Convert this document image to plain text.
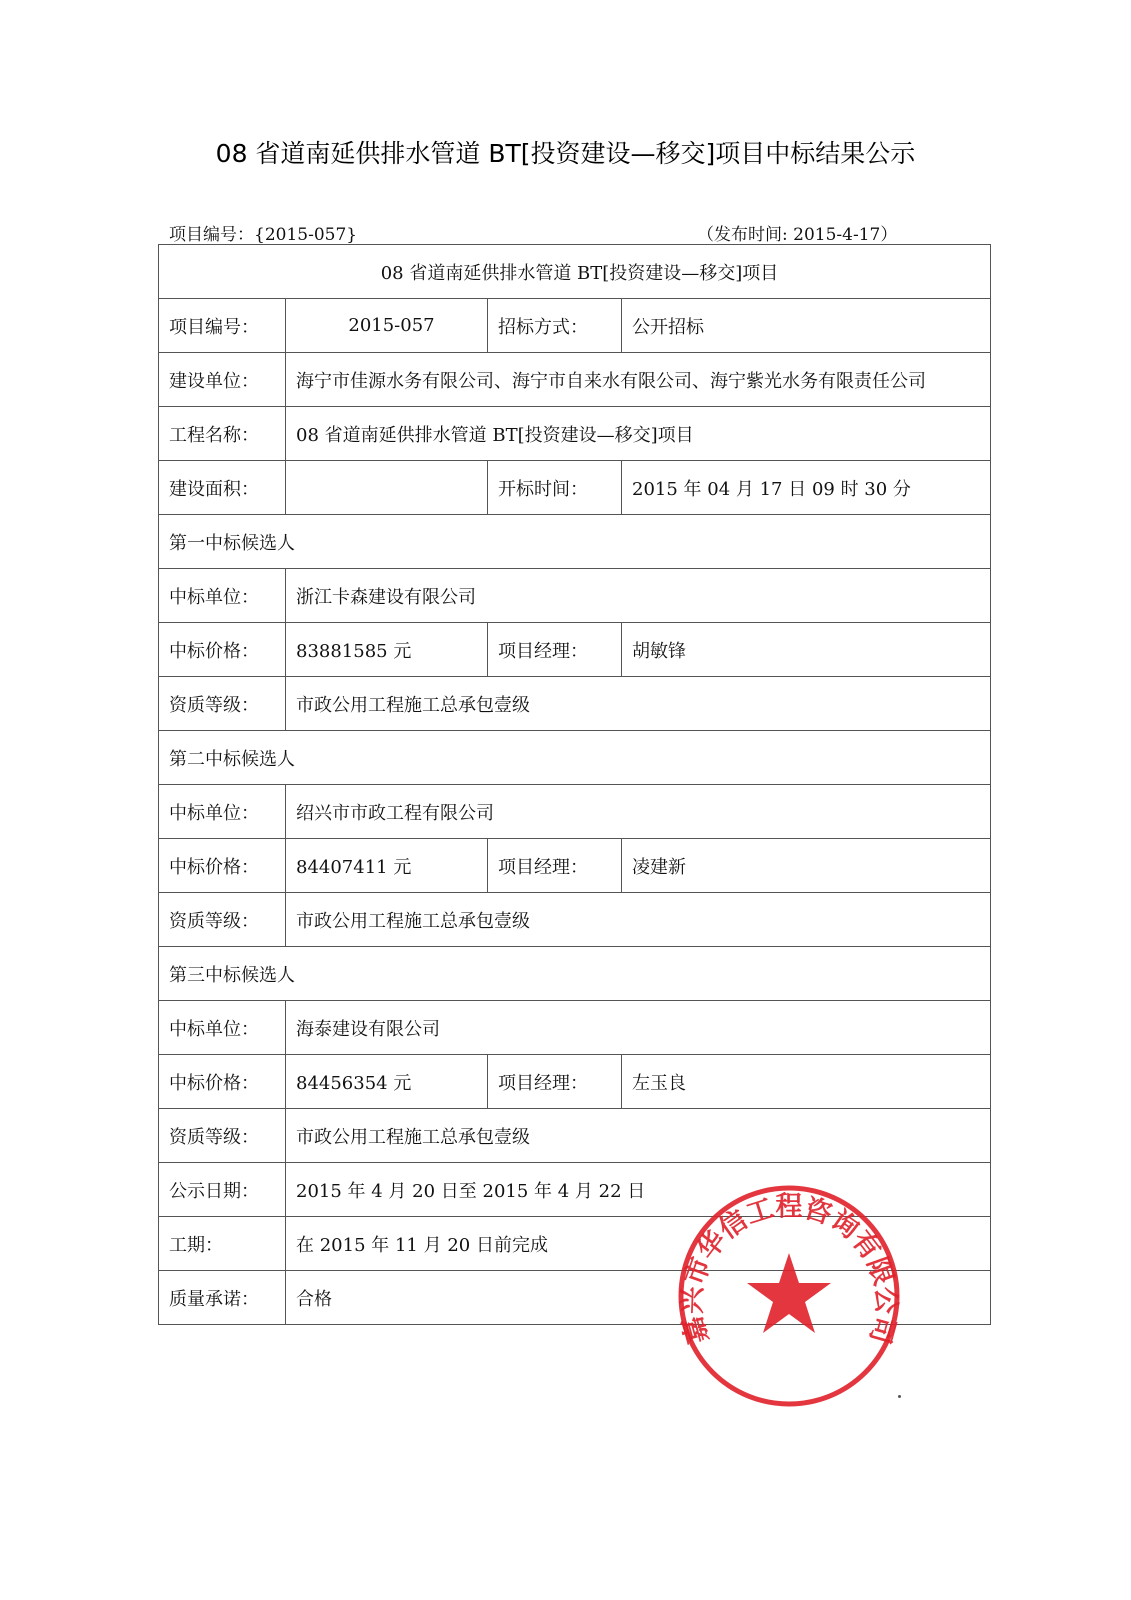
08 省道南延供排水管道 BT[投资建设—移交]项目中标结果公示
项目编号：{2015-057}	（发布时间: 2015-4-17）
08 省道南延供排水管道 BT[投资建设—移交]项目			
项目编号：	2015-057	招标方式：	公开招标
建设单位：	海宁市佳源水务有限公司、海宁市自来水有限公司、海宁紫光水务有限责任公司		
工程名称：	08 省道南延供排水管道 BT[投资建设—移交]项目		
建设面积：		开标时间：	2015 年 04 月 17 日 09 时 30 分
第一中标候选人			
中标单位：	浙江卡森建设有限公司		
中标价格：	83881585 元	项目经理：	胡敏锋
资质等级：	市政公用工程施工总承包壹级		
第二中标候选人			
中标单位：	绍兴市市政工程有限公司		
中标价格：	84407411 元	项目经理：	凌建新
资质等级：	市政公用工程施工总承包壹级		
第三中标候选人			
中标单位：	海泰建设有限公司		
中标价格：	84456354 元	项目经理：	左玉良
资质等级：	市政公用工程施工总承包壹级		
公示日期：	2015 年 4 月 20 日至 2015 年 4 月 22 日		
工期：	在 2015 年 11 月 20 日前完成		
质量承诺：	合格		
嘉兴市华信工程咨询有限公司
